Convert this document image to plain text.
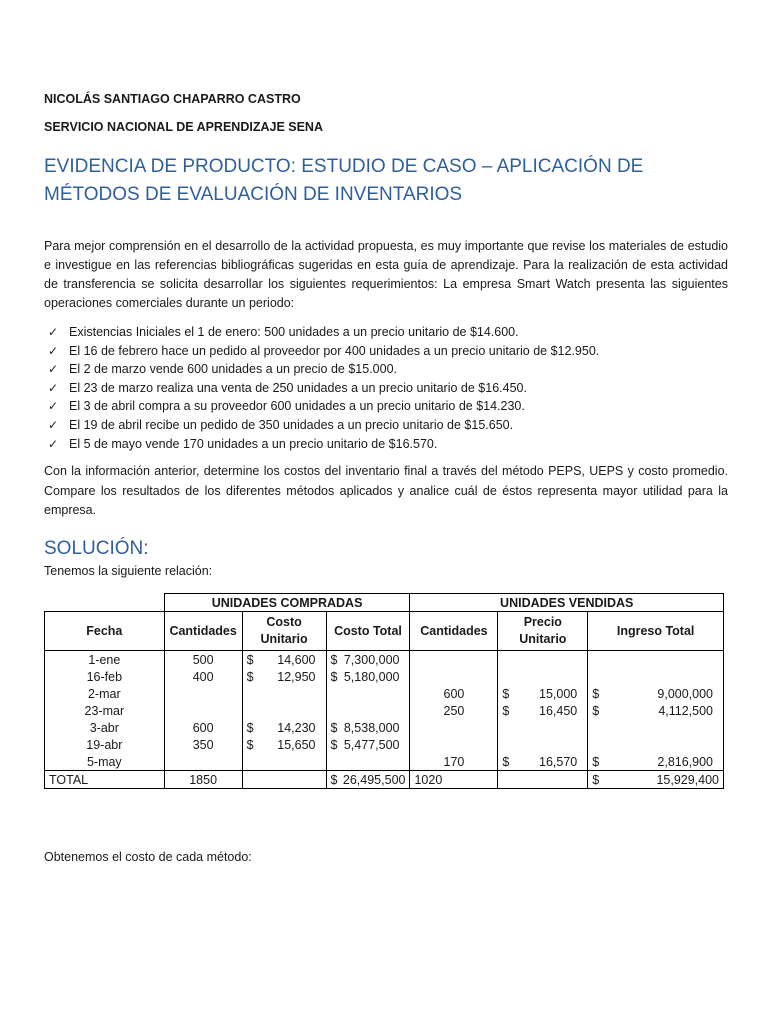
NICOLÁS SANTIAGO CHAPARRO CASTRO
SERVICIO NACIONAL DE APRENDIZAJE SENA
EVIDENCIA DE PRODUCTO: ESTUDIO DE CASO – APLICACIÓN DE MÉTODOS DE EVALUACIÓN DE INVENTARIOS
Para mejor comprensión en el desarrollo de la actividad propuesta, es muy importante que revise los materiales de estudio e investigue en las referencias bibliográficas sugeridas en esta guía de aprendizaje. Para la realización de esta actividad de transferencia se solicita desarrollar los siguientes requerimientos: La empresa Smart Watch presenta las siguientes operaciones comerciales durante un periodo:
✓ Existencias Iniciales el 1 de enero: 500 unidades a un precio unitario de $14.600.
✓ El 16 de febrero hace un pedido al proveedor por 400 unidades a un precio unitario de $12.950.
✓ El 2 de marzo vende 600 unidades a un precio de $15.000.
✓ El 23 de marzo realiza una venta de 250 unidades a un precio unitario de $16.450.
✓ El 3 de abril compra a su proveedor 600 unidades a un precio unitario de $14.230.
✓ El 19 de abril recibe un pedido de 350 unidades a un precio unitario de $15.650.
✓ El 5 de mayo vende 170 unidades a un precio unitario de $16.570.
Con la información anterior, determine los costos del inventario final a través del método PEPS, UEPS y costo promedio. Compare los resultados de los diferentes métodos aplicados y analice cuál de éstos representa mayor utilidad para la empresa.
SOLUCIÓN:
Tenemos la siguiente relación:
	UNIDADES COMPRADAS			UNIDADES VENDIDAS		
Fecha	Cantidades	Costo Unitario	Costo Total	Cantidades	Precio Unitario	Ingreso Total
1-ene	500	$ 14,600	$ 7,300,000			

16-feb	400	$ 12,950	$ 5,180,000			

2-mar				600	$ 15,000	$ 9,000,000

23-mar				250	$ 16,450	$ 4,112,500

3-abr	600	$ 14,230	$ 8,538,000			

19-abr	350	$ 15,650	$ 5,477,500			

5-may				170	$ 16,570	$ 2,816,900

TOTAL	1850		$ 26,495,500	1020		$ 15,929,400
Obtenemos el costo de cada método:
